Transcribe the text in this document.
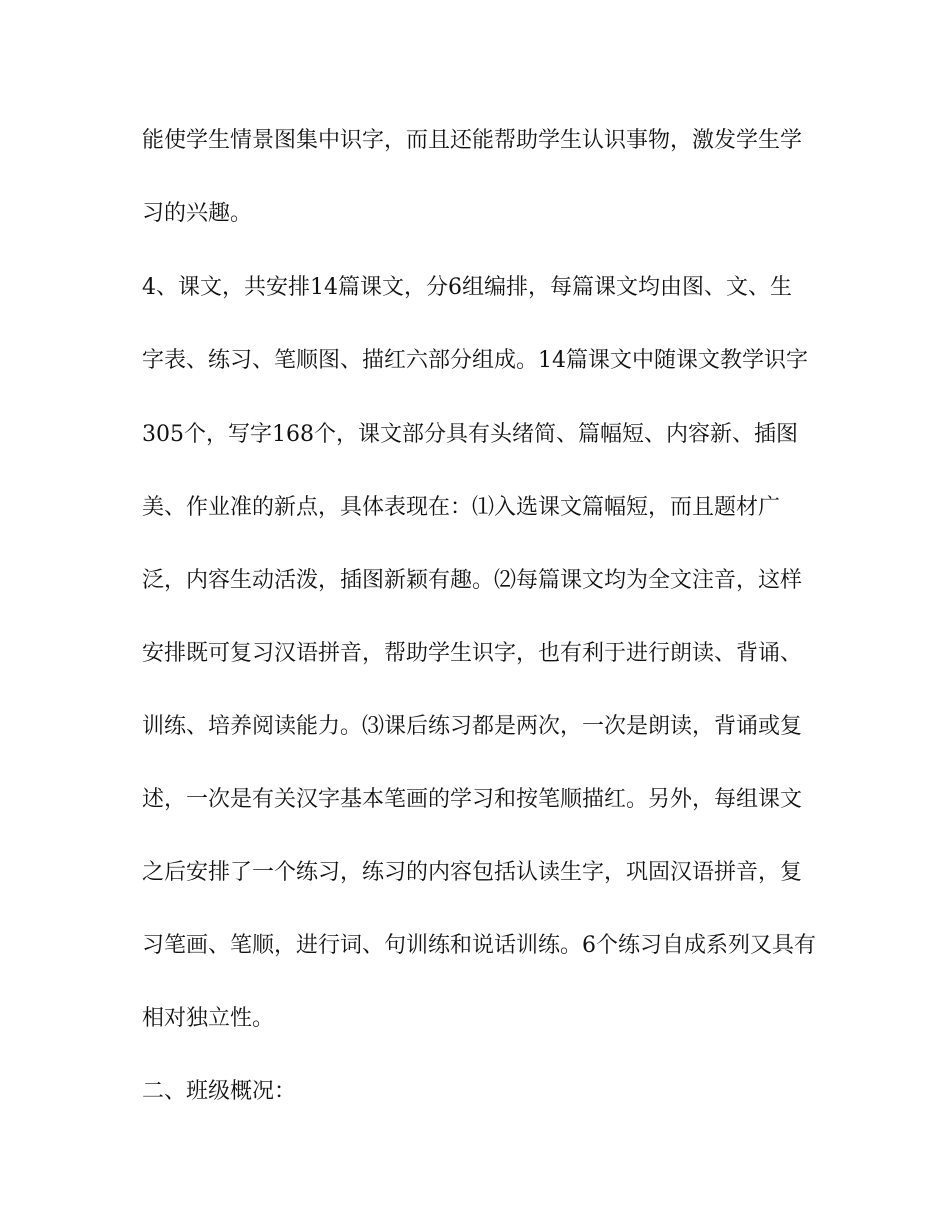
能使学生情景图集中识字，而且还能帮助学生认识事物，激发学生学
习的兴趣。
4、课文，共安排14篇课文，分6组编排，每篇课文均由图、文、生
字表、练习、笔顺图、描红六部分组成。14篇课文中随课文教学识字
305个，写字168个，课文部分具有头绪简、篇幅短、内容新、插图
美、作业准的新点，具体表现在：⑴入选课文篇幅短，而且题材广
泛，内容生动活泼，插图新颖有趣。⑵每篇课文均为全文注音，这样
安排既可复习汉语拼音，帮助学生识字，也有利于进行朗读、背诵、
训练、培养阅读能力。⑶课后练习都是两次，一次是朗读，背诵或复
述，一次是有关汉字基本笔画的学习和按笔顺描红。另外，每组课文
之后安排了一个练习，练习的内容包括认读生字，巩固汉语拼音，复
习笔画、笔顺，进行词、句训练和说话训练。6个练习自成系列又具有
相对独立性。
二、班级概况：
